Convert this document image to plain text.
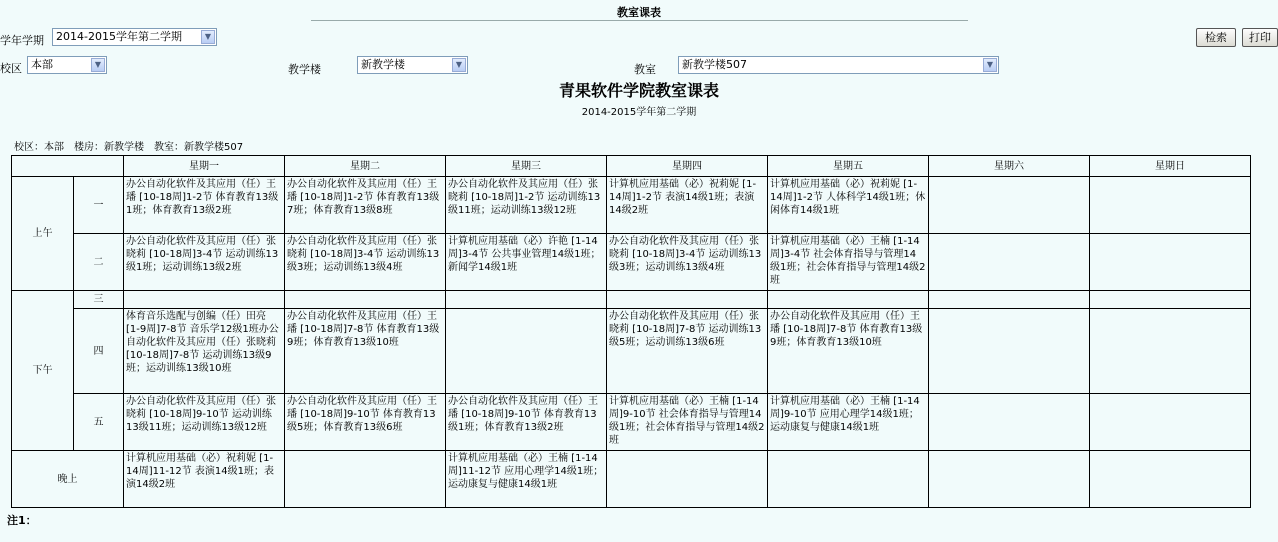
教室课表
学年学期	2014-2015学年第二学期	▼	检索	打印
校区 本部	▼	教学楼	新教学楼	▼	教室	新教学楼507	▼
青果软件学院教室课表
2014-2015学年第二学期
校区：本部　楼房：新教学楼　教室：新教学楼507
		星期一	星期二	星期三	星期四	星期五	星期六	星期日
上午	一	办公自动化软件及其应用（任）王璠 [10-18周]1-2节 体育教育13级1班；体育教育13级2班	办公自动化软件及其应用（任）王璠 [10-18周]1-2节 体育教育13级7班；体育教育13级8班	办公自动化软件及其应用（任）张晓莉 [10-18周]1-2节 运动训练13级11班；运动训练13级12班	计算机应用基础（必）祝莉妮 [1-14周]1-2节 表演14级1班；表演14级2班	计算机应用基础（必）祝莉妮 [1-14周]1-2节 人体科学14级1班；休闲体育14级1班		
	二	办公自动化软件及其应用（任）张晓莉 [10-18周]3-4节 运动训练13级1班；运动训练13级2班	办公自动化软件及其应用（任）张晓莉 [10-18周]3-4节 运动训练13级3班；运动训练13级4班	计算机应用基础（必）许艳 [1-14周]3-4节 公共事业管理14级1班；新闻学14级1班	办公自动化软件及其应用（任）张晓莉 [10-18周]3-4节 运动训练13级3班；运动训练13级4班	计算机应用基础（必）王楠 [1-14周]3-4节 社会体育指导与管理14级1班；社会体育指导与管理14级2班		
下午	三							
	四	体育音乐选配与创编（任）田亮 [1-9周]7-8节 音乐学12级1班办公自动化软件及其应用（任）张晓莉 [10-18周]7-8节 运动训练13级9班；运动训练13级10班	办公自动化软件及其应用（任）王璠 [10-18周]7-8节 体育教育13级9班；体育教育13级10班		办公自动化软件及其应用（任）张晓莉 [10-18周]7-8节 运动训练13级5班；运动训练13级6班	办公自动化软件及其应用（任）王璠 [10-18周]7-8节 体育教育13级9班；体育教育13级10班		
	五	办公自动化软件及其应用（任）张晓莉 [10-18周]9-10节 运动训练13级11班；运动训练13级12班	办公自动化软件及其应用（任）王璠 [10-18周]9-10节 体育教育13级5班；体育教育13级6班	办公自动化软件及其应用（任）王璠 [10-18周]9-10节 体育教育13级1班；体育教育13级2班	计算机应用基础（必）王楠 [1-14周]9-10节 社会体育指导与管理14级1班；社会体育指导与管理14级2班	计算机应用基础（必）王楠 [1-14周]9-10节 应用心理学14级1班；运动康复与健康14级1班		
晚上		计算机应用基础（必）祝莉妮 [1-14周]11-12节 表演14级1班；表演14级2班		计算机应用基础（必）王楠 [1-14周]11-12节 应用心理学14级1班；运动康复与健康14级1班				
注1：
